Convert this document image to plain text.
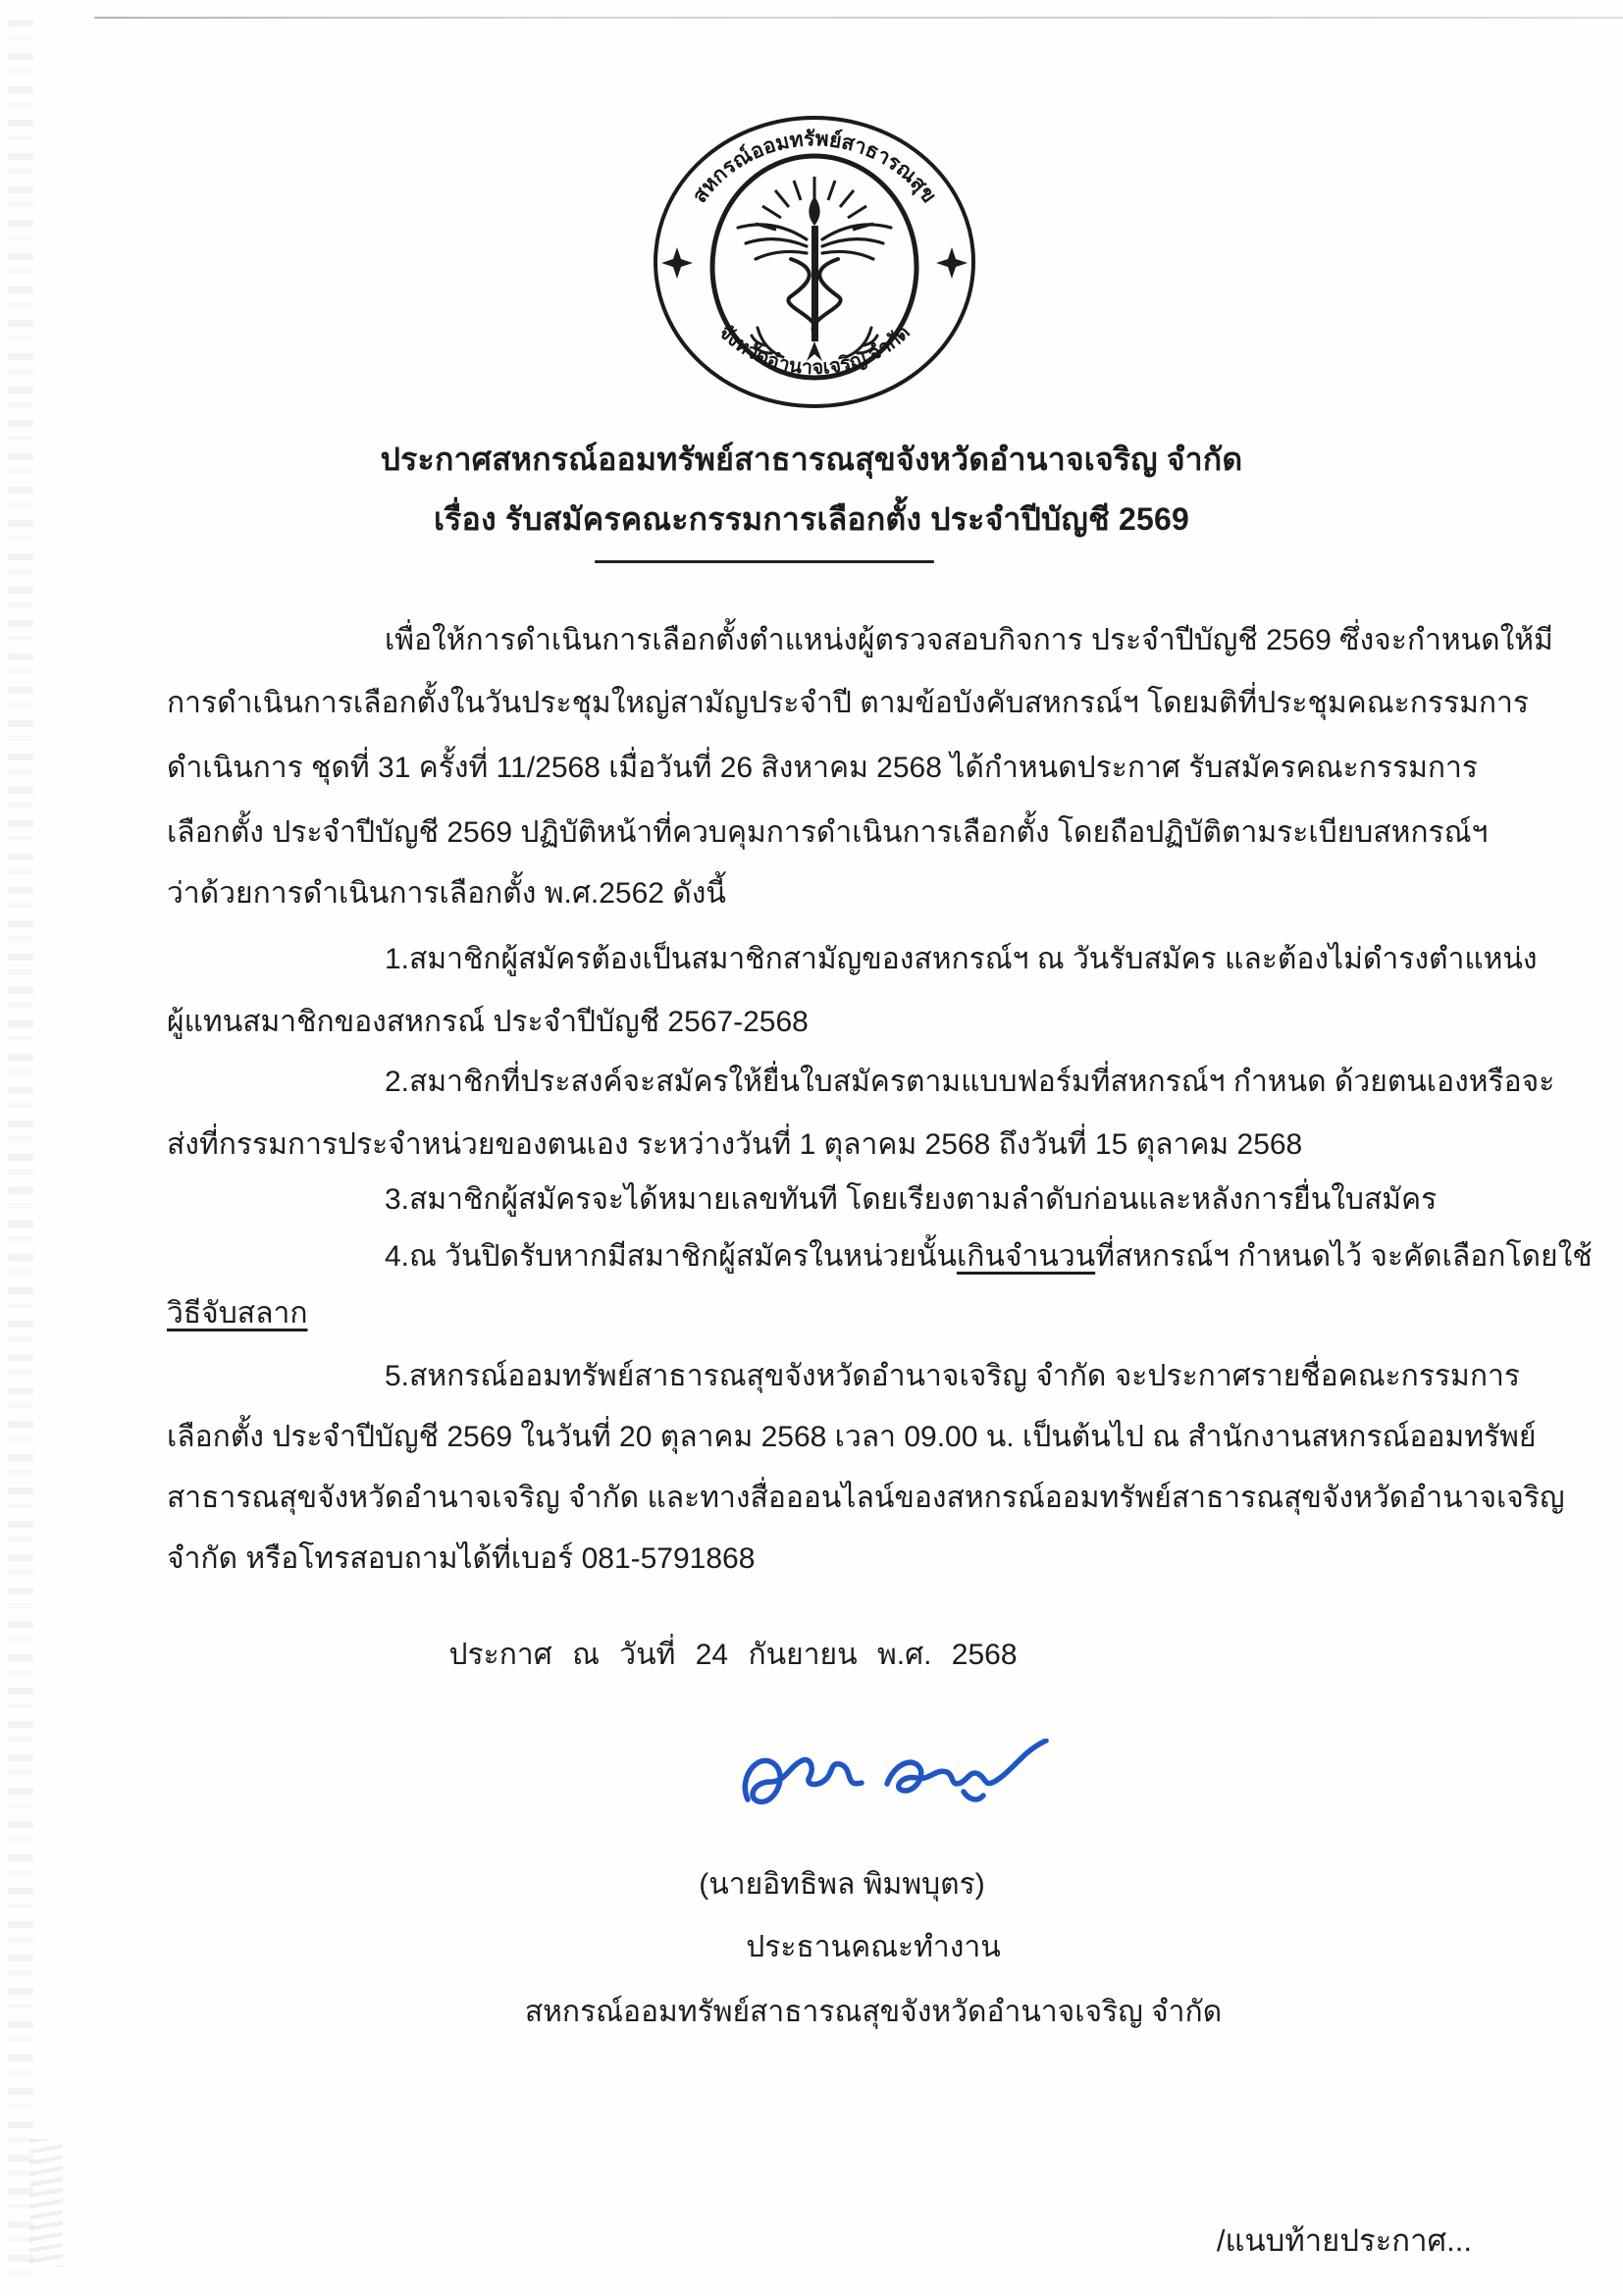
สหกรณ์ออมทรัพย์สาธารณสุข
จังหวัดอำนาจเจริญ จำกัด
ประกาศสหกรณ์ออมทรัพย์สาธารณสุขจังหวัดอำนาจเจริญ จำกัด
เรื่อง รับสมัครคณะกรรมการเลือกตั้ง ประจำปีบัญชี 2569
เพื่อให้การดำเนินการเลือกตั้งตำแหน่งผู้ตรวจสอบกิจการ ประจำปีบัญชี 2569 ซึ่งจะกำหนดให้มี
การดำเนินการเลือกตั้งในวันประชุมใหญ่สามัญประจำปี ตามข้อบังคับสหกรณ์ฯ โดยมติที่ประชุมคณะกรรมการ
ดำเนินการ ชุดที่ 31 ครั้งที่ 11/2568 เมื่อวันที่ 26 สิงหาคม 2568 ได้กำหนดประกาศ รับสมัครคณะกรรมการ
เลือกตั้ง ประจำปีบัญชี 2569 ปฏิบัติหน้าที่ควบคุมการดำเนินการเลือกตั้ง โดยถือปฏิบัติตามระเบียบสหกรณ์ฯ
ว่าด้วยการดำเนินการเลือกตั้ง พ.ศ.2562 ดังนี้
1.สมาชิกผู้สมัครต้องเป็นสมาชิกสามัญของสหกรณ์ฯ ณ วันรับสมัคร และต้องไม่ดำรงตำแหน่ง
ผู้แทนสมาชิกของสหกรณ์ ประจำปีบัญชี 2567-2568
2.สมาชิกที่ประสงค์จะสมัครให้ยื่นใบสมัครตามแบบฟอร์มที่สหกรณ์ฯ กำหนด ด้วยตนเองหรือจะ
ส่งที่กรรมการประจำหน่วยของตนเอง ระหว่างวันที่ 1 ตุลาคม 2568 ถึงวันที่ 15 ตุลาคม 2568
3.สมาชิกผู้สมัครจะได้หมายเลขทันที โดยเรียงตามลำดับก่อนและหลังการยื่นใบสมัคร
4.ณ วันปิดรับหากมีสมาชิกผู้สมัครในหน่วยนั้นเกินจำนวนที่สหกรณ์ฯ กำหนดไว้ จะคัดเลือกโดยใช้
วิธีจับสลาก
5.สหกรณ์ออมทรัพย์สาธารณสุขจังหวัดอำนาจเจริญ จำกัด จะประกาศรายชื่อคณะกรรมการ
เลือกตั้ง ประจำปีบัญชี 2569 ในวันที่ 20 ตุลาคม 2568 เวลา 09.00 น. เป็นต้นไป ณ สำนักงานสหกรณ์ออมทรัพย์
สาธารณสุขจังหวัดอำนาจเจริญ จำกัด และทางสื่อออนไลน์ของสหกรณ์ออมทรัพย์สาธารณสุขจังหวัดอำนาจเจริญ
จำกัด หรือโทรสอบถามได้ที่เบอร์ 081-5791868
ประกาศ ณ วันที่ 24 กันยายน พ.ศ. 2568
(นายอิทธิพล พิมพบุตร)
ประธานคณะทำงาน
สหกรณ์ออมทรัพย์สาธารณสุขจังหวัดอำนาจเจริญ จำกัด
/แนบท้ายประกาศ...
